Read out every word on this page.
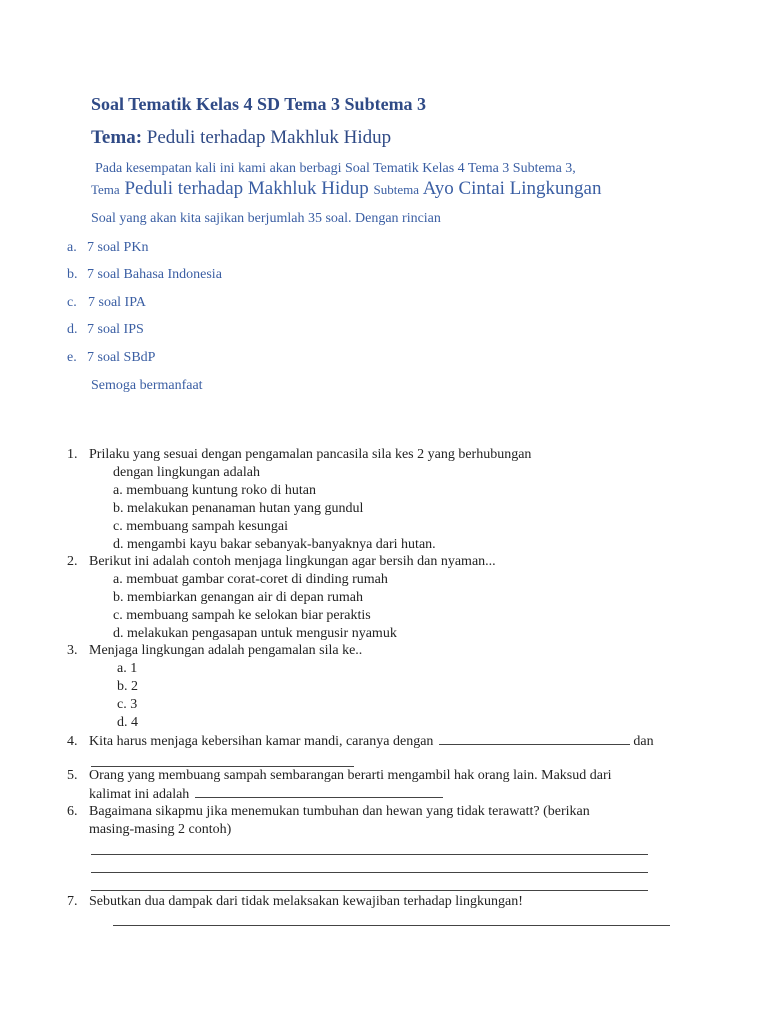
Soal Tematik Kelas 4 SD Tema 3 Subtema 3
Tema: Peduli terhadap Makhluk Hidup
Pada kesempatan kali ini kami akan berbagi Soal Tematik Kelas 4 Tema 3 Subtema 3,
Tema Peduli terhadap Makhluk Hidup Subtema Ayo Cintai Lingkungan
Soal yang akan kita sajikan berjumlah 35 soal. Dengan rincian
a. 7 soal PKn
b. 7 soal Bahasa Indonesia
c. 7 soal IPA
d. 7 soal IPS
e. 7 soal SBdP
Semoga bermanfaat
1. Prilaku yang sesuai dengan pengamalan pancasila sila kes 2 yang berhubungan
dengan lingkungan adalah
a. membuang kuntung roko di hutan
b. melakukan penanaman hutan yang gundul
c. membuang sampah kesungai
d. mengambi kayu bakar sebanyak-banyaknya dari hutan.
2. Berikut ini adalah contoh menjaga lingkungan agar bersih dan nyaman...
a. membuat gambar corat-coret di dinding rumah
b. membiarkan genangan air di depan rumah
c. membuang sampah ke selokan biar peraktis
d. melakukan pengasapan untuk mengusir nyamuk
3. Menjaga lingkungan adalah pengamalan sila ke..
a. 1
b. 2
c. 3
d. 4
4. Kita harus menjaga kebersihan kamar mandi, caranya dengan	dan
5. Orang yang membuang sampah sembarangan berarti mengambil hak orang lain. Maksud dari
kalimat ini adalah
6. Bagaimana sikapmu jika menemukan tumbuhan dan hewan yang tidak terawatt? (berikan
masing-masing 2 contoh)
7. Sebutkan dua dampak dari tidak melaksakan kewajiban terhadap lingkungan!
